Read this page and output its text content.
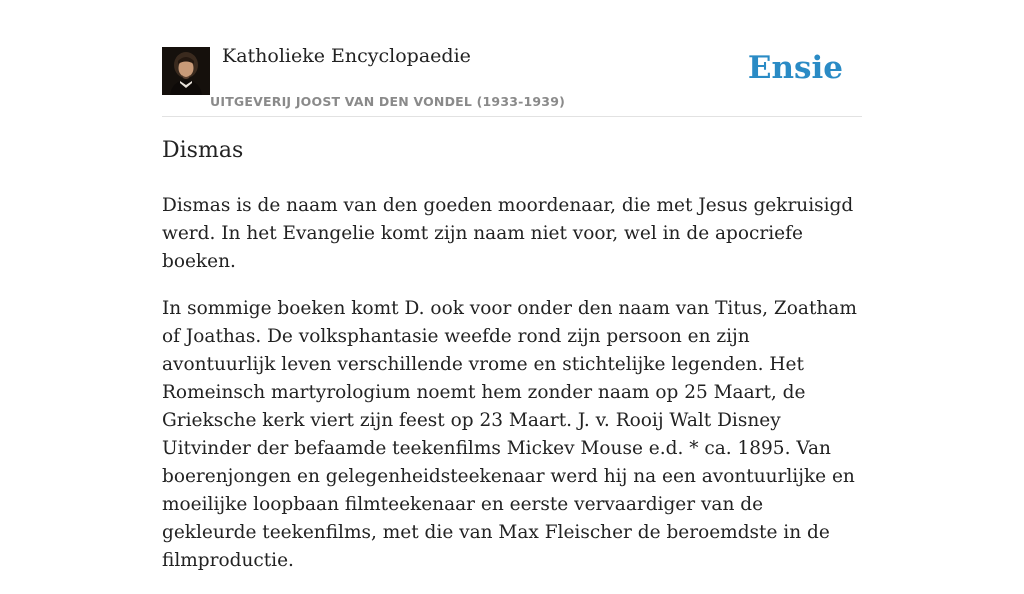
Katholieke Encyclopaedie
UITGEVERIJ JOOST VAN DEN VONDEL (1933-1939)
Ensie
Dismas

Dismas is de naam van den goeden moordenaar, die met Jesus gekruisigd werd. In het Evangelie komt zijn naam niet voor, wel in de apocriefe boeken.

In sommige boeken komt D. ook voor onder den naam van Titus, Zoatham of Joathas. De volksphantasie weefde rond zijn persoon en zijn avontuurlijk leven verschillende vrome en stichtelijke legenden. Het Romeinsch martyrologium noemt hem zonder naam op 25 Maart, de Grieksche kerk viert zijn feest op 23 Maart. J. v. Rooij Walt Disney Uitvinder der befaamde teekenfilms Mickev Mouse e.d. * ca. 1895. Van boerenjongen en gelegenheidsteekenaar werd hij na een avontuurlijke en moeilijke loopbaan filmteekenaar en eerste vervaardiger van de gekleurde teekenfilms, met die van Max Fleischer de beroemdste in de filmproductie.
